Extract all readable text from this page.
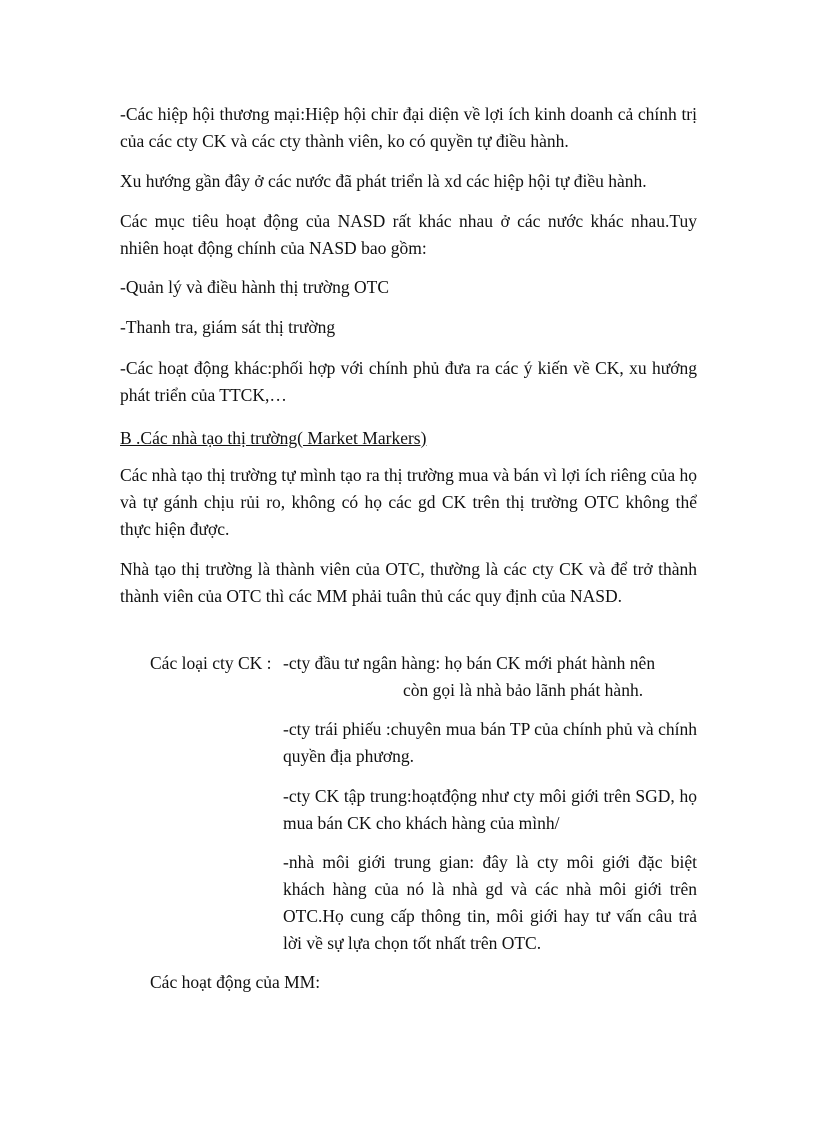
-Các hiệp hội thương mại:Hiệp hội chỉr đại diện về lợi ích kinh doanh cả chính trị của các cty CK và các cty thành viên, ko có quyền tự điều hành.

Xu hướng gần đây ở các nước đã phát triển là xd các hiệp hội tự điều hành.

Các mục tiêu hoạt động của NASD rất khác nhau ở các nước khác nhau.Tuy nhiên hoạt động chính của NASD bao gồm:

-Quản lý và điều hành thị trường OTC

-Thanh tra, giám sát thị trường

-Các hoạt động khác:phối hợp với chính phủ đưa ra các ý kiến về CK, xu hướng phát triển của TTCK,…

B .Các nhà tạo thị trường( Market Markers)

Các nhà tạo thị trường tự mình tạo ra thị trường mua và bán vì lợi ích riêng của họ và tự gánh chịu rủi ro, không có họ các gd CK trên thị trường OTC không thể thực hiện được.

Nhà tạo thị trường là thành viên của OTC, thường là các cty CK và để trở thành thành viên của OTC thì các MM phải tuân thủ các quy định của NASD.

Các loại cty CK : -cty đầu tư ngân hàng: họ bán CK mới phát hành nên

còn gọi là nhà bảo lãnh phát hành.

-cty trái phiếu :chuyên mua bán TP của chính phủ và chính quyền địa phương.

-cty CK tập trung:hoạtđộng như cty môi giới trên SGD, họ mua bán CK cho khách hàng của mình/

-nhà môi giới trung gian: đây là cty môi giới đặc biệt khách hàng của nó là nhà gd và các nhà môi giới trên OTC.Họ cung cấp thông tin, môi giới hay tư vấn câu trả lời về sự lựa chọn tốt nhất trên OTC.

Các hoạt động của MM:
